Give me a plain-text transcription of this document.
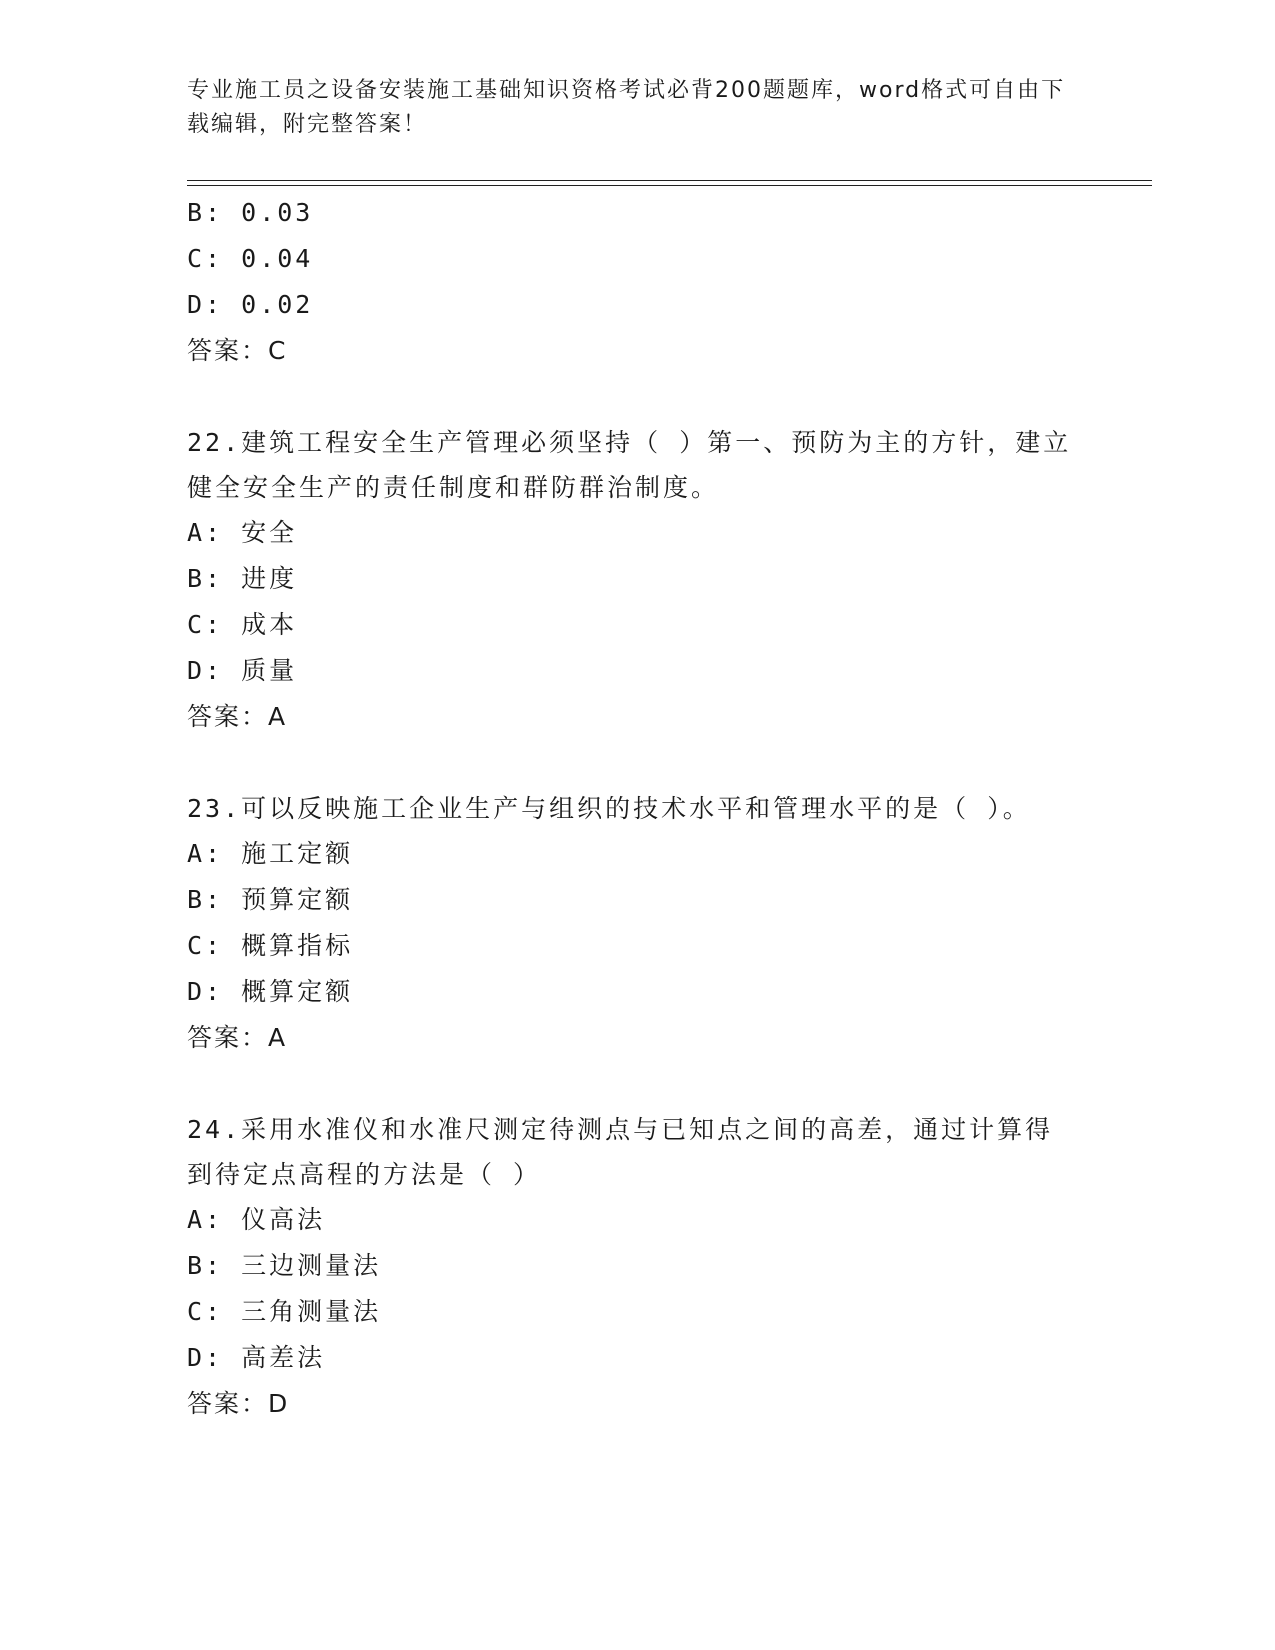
专业施工员之设备安装施工基础知识资格考试必背200题题库，word格式可自由下载编辑，附完整答案！
B: 0.03
C: 0.04
D: 0.02
答案：C
22.建筑工程安全生产管理必须坚持（ ）第一、预防为主的方针，建立健全安全生产的责任制度和群防群治制度。
A: 安全
B: 进度
C: 成本
D: 质量
答案：A
23.可以反映施工企业生产与组织的技术水平和管理水平的是（ ）。
A: 施工定额
B: 预算定额
C: 概算指标
D: 概算定额
答案：A
24.采用水准仪和水准尺测定待测点与已知点之间的高差，通过计算得到待定点高程的方法是（ ）
A: 仪高法
B: 三边测量法
C: 三角测量法
D: 高差法
答案：D
